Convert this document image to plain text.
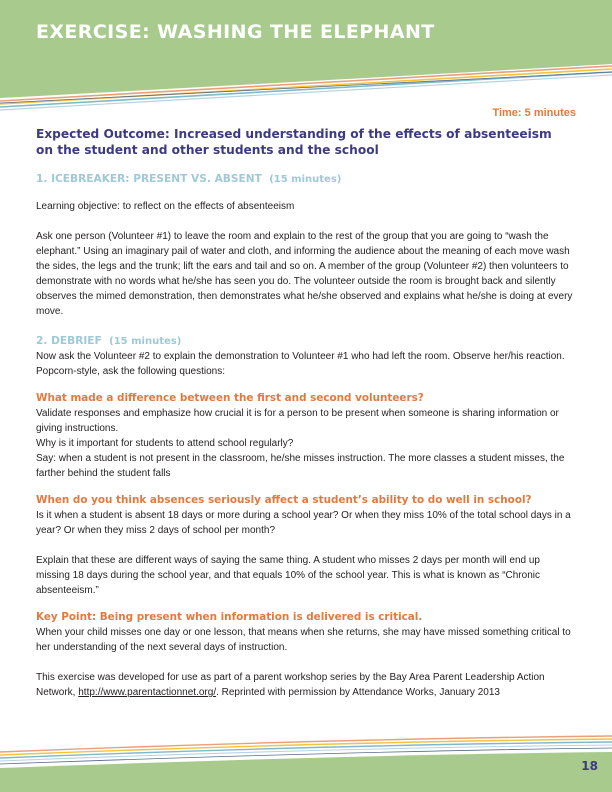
EXERCISE: WASHING THE ELEPHANT
Time: 5 minutes
Expected Outcome: Increased understanding of the effects of absenteeism
on the student and other students and the school
1. ICEBREAKER: PRESENT VS. ABSENT (15 minutes)

Learning objective: to reflect on the effects of absenteeism

Ask one person (Volunteer #1) to leave the room and explain to the rest of the group that you are going to “wash the elephant.” Using an imaginary pail of water and cloth, and informing the audience about the meaning of each move wash the sides, the legs and the trunk; lift the ears and tail and so on. A member of the group (Volunteer #2) then volunteers to demonstrate with no words what he/she has seen you do. The volunteer outside the room is brought back and silently observes the mimed demonstration, then demonstrates what he/she observed and explains what he/she is doing at every move.

2. DEBRIEF (15 minutes)

Now ask the Volunteer #2 to explain the demonstration to Volunteer #1 who had left the room. Observe her/his reaction. Popcorn-style, ask the following questions:

What made a difference between the first and second volunteers?

Validate responses and emphasize how crucial it is for a person to be present when someone is sharing information or giving instructions.

Why is it important for students to attend school regularly?

Say: when a student is not present in the classroom, he/she misses instruction. The more classes a student misses, the farther behind the student falls

When do you think absences seriously affect a student’s ability to do well in school?

Is it when a student is absent 18 days or more during a school year? Or when they miss 10% of the total school days in a year? Or when they miss 2 days of school per month?

Explain that these are different ways of saying the same thing. A student who misses 2 days per month will end up missing 18 days during the school year, and that equals 10% of the school year. This is what is known as “Chronic absenteeism.”

Key Point: Being present when information is delivered is critical.

When your child misses one day or one lesson, that means when she returns, she may have missed something critical to her understanding of the next several days of instruction.

This exercise was developed for use as part of a parent workshop series by the Bay Area Parent Leadership Action Network, http://www.parentactionnet.org/. Reprinted with permission by Attendance Works, January 2013

18
